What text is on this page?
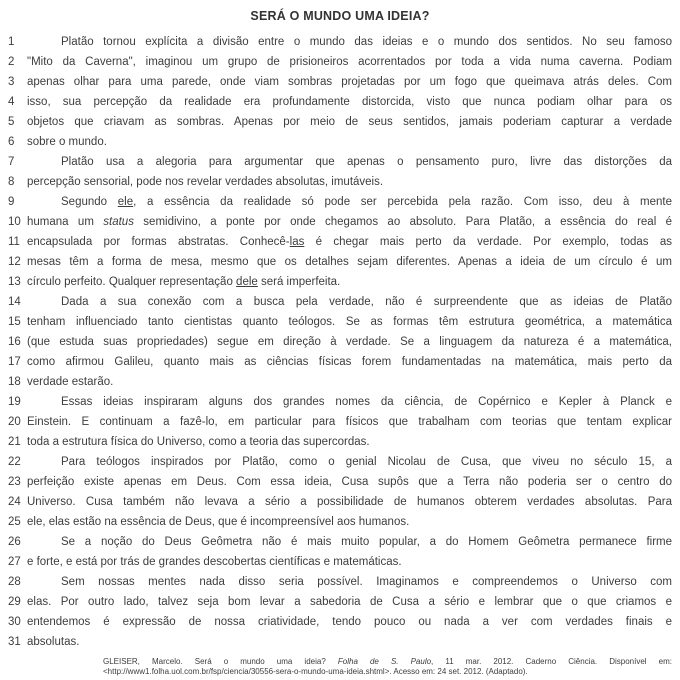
SERÁ O MUNDO UMA IDEIA?
1	Platão tornou explícita a divisão entre o mundo das ideias e o mundo dos sentidos. No seu famoso
2	"Mito da Caverna", imaginou um grupo de prisioneiros acorrentados por toda a vida numa caverna. Podiam
3	apenas olhar para uma parede, onde viam sombras projetadas por um fogo que queimava atrás deles. Com
4	isso, sua percepção da realidade era profundamente distorcida, visto que nunca podiam olhar para os
5	objetos que criavam as sombras. Apenas por meio de seus sentidos, jamais poderiam capturar a verdade
6	sobre o mundo.
7	Platão usa a alegoria para argumentar que apenas o pensamento puro, livre das distorções da
8	percepção sensorial, pode nos revelar verdades absolutas, imutáveis.
9	Segundo ele, a essência da realidade só pode ser percebida pela razão. Com isso, deu à mente
10 humana um status semidivino, a ponte por onde chegamos ao absoluto. Para Platão, a essência do real é
11 encapsulada por formas abstratas. Conhecê-las é chegar mais perto da verdade. Por exemplo, todas as
12 mesas têm a forma de mesa, mesmo que os detalhes sejam diferentes. Apenas a ideia de um círculo é um
13 círculo perfeito. Qualquer representação dele será imperfeita.
14	Dada a sua conexão com a busca pela verdade, não é surpreendente que as ideias de Platão
15 tenham influenciado tanto cientistas quanto teólogos. Se as formas têm estrutura geométrica, a matemática
16 (que estuda suas propriedades) segue em direção à verdade. Se a linguagem da natureza é a matemática,
17 como afirmou Galileu, quanto mais as ciências físicas forem fundamentadas na matemática, mais perto da
18 verdade estarão.
19	Essas ideias inspiraram alguns dos grandes nomes da ciência, de Copérnico e Kepler à Planck e
20 Einstein. E continuam a fazê-lo, em particular para físicos que trabalham com teorias que tentam explicar
21 toda a estrutura física do Universo, como a teoria das supercordas.
22	Para teólogos inspirados por Platão, como o genial Nicolau de Cusa, que viveu no século 15, a
23 perfeição existe apenas em Deus. Com essa ideia, Cusa supôs que a Terra não poderia ser o centro do
24 Universo. Cusa também não levava a sério a possibilidade de humanos obterem verdades absolutas. Para
25 ele, elas estão na essência de Deus, que é incompreensível aos humanos.
26	Se a noção do Deus Geômetra não é mais muito popular, a do Homem Geômetra permanece firme
27 e forte, e está por trás de grandes descobertas científicas e matemáticas.
28	Sem nossas mentes nada disso seria possível. Imaginamos e compreendemos o Universo com
29 elas. Por outro lado, talvez seja bom levar a sabedoria de Cusa a sério e lembrar que o que criamos e
30 entendemos é expressão de nossa criatividade, tendo pouco ou nada a ver com verdades finais e
31 absolutas.

GLEISER, Marcelo. Será o mundo uma ideia? Folha de S. Paulo, 11 mar. 2012. Caderno Ciência. Disponível em:

<http://www1.folha.uol.com.br/fsp/ciencia/30556-sera-o-mundo-uma-ideia.shtml>. Acesso em: 24 set. 2012. (Adaptado).
